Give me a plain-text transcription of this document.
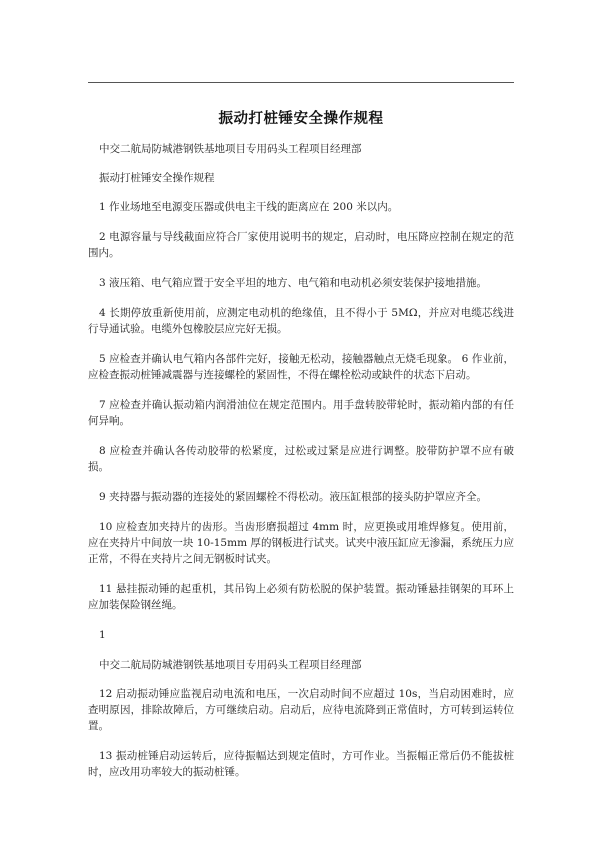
振动打桩锤安全操作规程

中交二航局防城港钢铁基地项目专用码头工程项目经理部

振动打桩锤安全操作规程

1 作业场地至电源变压器或供电主干线的距离应在 200 米以内。

2 电源容量与导线截面应符合厂家使用说明书的规定，启动时，电压降应控制在规定的范围内。

3 液压箱、电气箱应置于安全平坦的地方、电气箱和电动机必须安装保护接地措施。

4 长期停放重新使用前，应测定电动机的绝缘值，且不得小于 5MΩ，并应对电缆芯线进行导通试验。电缆外包橡胶层应完好无损。

5 应检查并确认电气箱内各部件完好，接触无松动，接触器触点无烧毛现象。 6 作业前，应检查振动桩锤减震器与连接螺栓的紧固性，不得在螺栓松动或缺件的状态下启动。

7 应检查并确认振动箱内润滑油位在规定范围内。用手盘转胶带轮时，振动箱内部的有任何异响。

8 应检查并确认各传动胶带的松紧度，过松或过紧是应进行调整。胶带防护罩不应有破损。

9 夹持器与振动器的连接处的紧固螺栓不得松动。液压缸根部的接头防护罩应齐全。

10 应检查加夹持片的齿形。当齿形磨损超过 4mm 时，应更换或用堆焊修复。使用前，应在夹持片中间放一块 10-15mm 厚的钢板进行试夹。试夹中液压缸应无渗漏，系统压力应正常，不得在夹持片之间无钢板时试夹。

11 悬挂振动锤的起重机，其吊钩上必须有防松脱的保护装置。振动锤悬挂钢架的耳环上应加装保险钢丝绳。

1

中交二航局防城港钢铁基地项目专用码头工程项目经理部

12 启动振动锤应监视启动电流和电压，一次启动时间不应超过 10s，当启动困难时，应查明原因，排除故障后，方可继续启动。启动后，应待电流降到正常值时，方可转到运转位置。

13 振动桩锤启动运转后，应待振幅达到规定值时，方可作业。当振幅正常后仍不能拔桩时，应改用功率较大的振动桩锤。
